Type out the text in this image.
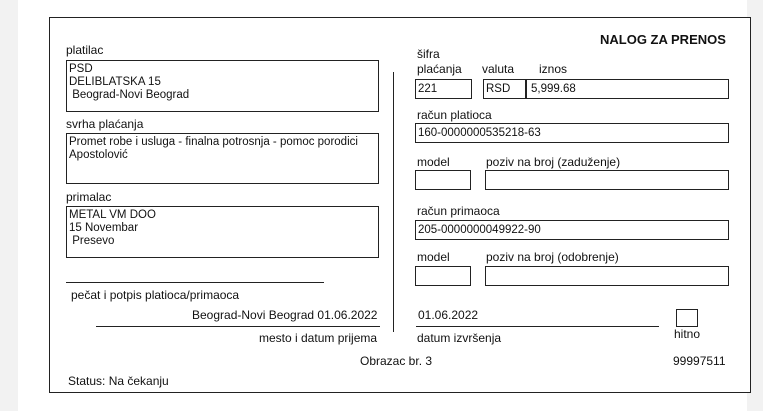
NALOG ZA PRENOS
platilac
PSD
DELIBLATSKA 15
Beograd-Novi Beograd
svrha plaćanja
Promet robe i usluga - finalna potrosnja - pomoc porodici
Apostolović
primalac
METAL VM DOO
15 Novembar
Presevo
pečat i potpis platioca/primaoca
Beograd-Novi Beograd 01.06.2022
mesto i datum prijema
šifra
plaćanja
221
valuta
RSD
iznos
5,999.68
račun platioca
160-0000000535218-63
model	poziv na broj (zaduženje)
račun primaoca
205-0000000049922-90
model	poziv na broj (odobrenje)
01.06.2022
datum izvršenja	hitno
Obrazac br. 3	99997511
Status: Na čekanju
